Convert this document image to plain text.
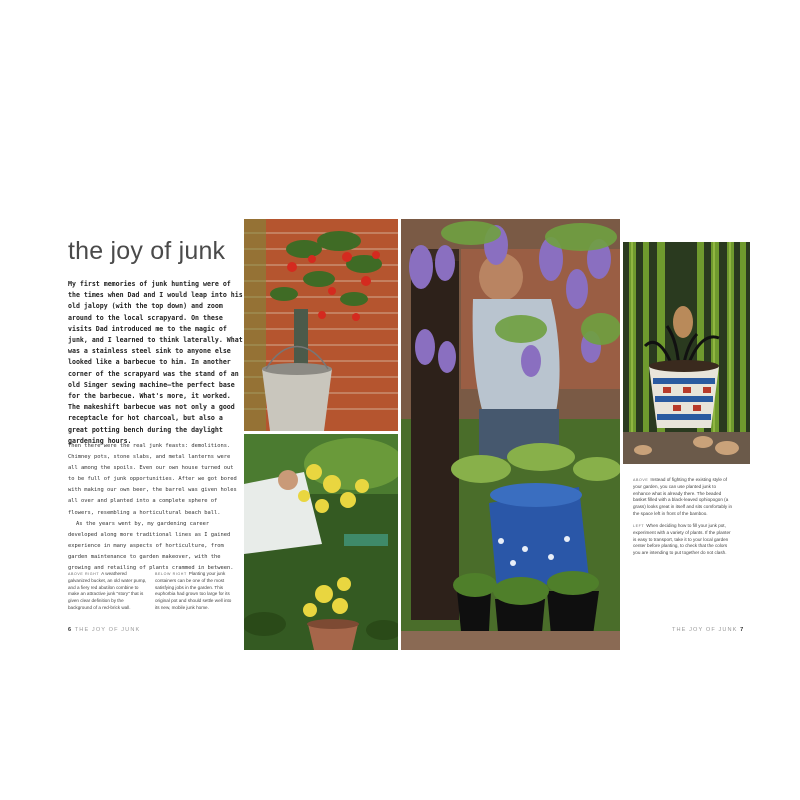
the joy of junk

My first memories of junk hunting were of the times when Dad and I would leap into his old jalopy (with the top down) and zoom around to the local scrapyard. On these visits Dad introduced me to the magic of junk, and I learned to think laterally. What was a stainless steel sink to anyone else looked like a barbecue to him. In another corner of the scrapyard was the stand of an old Singer sewing machine—the perfect base for the barbecue. What's more, it worked. The makeshift barbecue was not only a good receptacle for hot charcoal, but also a great potting bench during the daylight gardening hours.

Then there were the real junk feasts: demolitions. Chimney pots, stone slabs, and metal lanterns were all among the spoils. Even our own house turned out to be full of junk opportunities. After we got bored with making our own beer, the barrel was given holes all over and planted into a complete sphere of flowers, resembling a horticultural beach ball.

As the years went by, my gardening career developed along more traditional lines as I gained experience in many aspects of horticulture, from garden maintenance to garden makeover, with the growing and retailing of plants crammed in between.

ABOVE RIGHT A weathered galvanized bucket, an old water pump, and a fiery red abutilon combine to make an attractive junk "story" that is given clear definition by the background of a red-brick wall.

BELOW RIGHT Planting your junk containers can be one of the most satisfying jobs in the garden. This euphorbia had grown too large for its original pot and should settle well into its new, mobile junk home.

6 THE JOY OF JUNK

ABOVE Instead of fighting the existing style of your garden, you can use planted junk to enhance what is already there. The beaded basket filled with a black-leaved ophiopogon (a grass) looks great in itself and sits comfortably in the space left in front of the bamboo.

LEFT When deciding how to fill your junk pot, experiment with a variety of plants. If the planter is easy to transport, take it to your local garden center before planting, to check that the colors you are intending to put together do not clash.

THE JOY OF JUNK 7
